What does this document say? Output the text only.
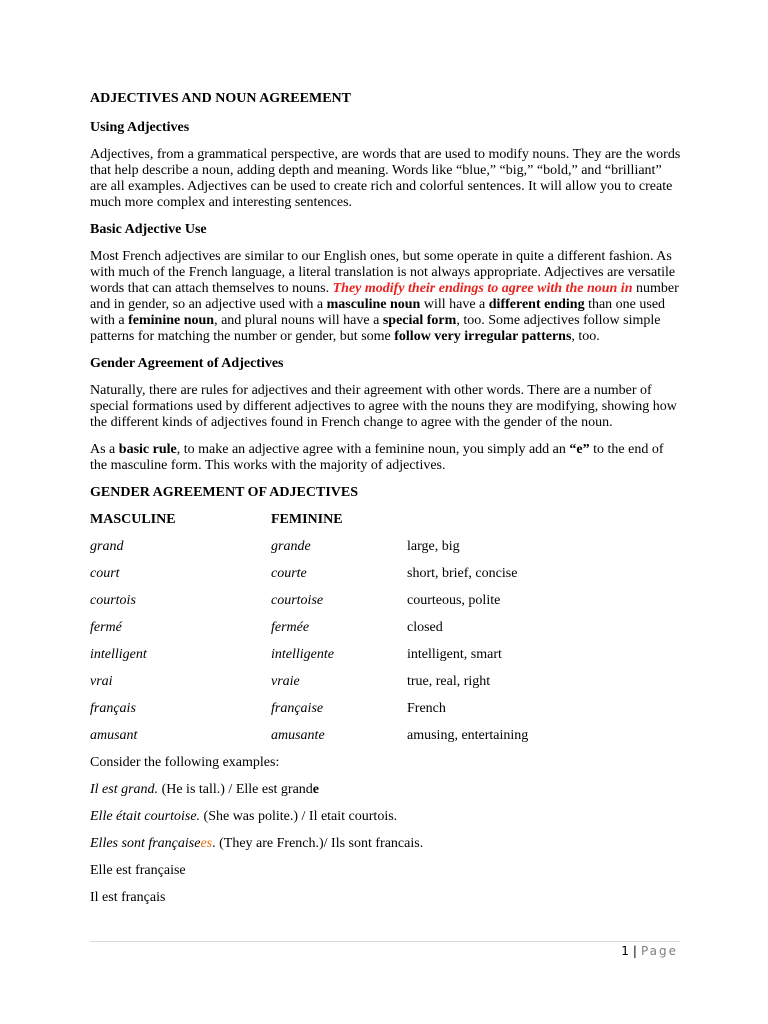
ADJECTIVES AND NOUN AGREEMENT

Using Adjectives

Adjectives, from a grammatical perspective, are words that are used to modify nouns. They are the words that help describe a noun, adding depth and meaning. Words like “blue,” “big,” “bold,” and “brilliant” are all examples. Adjectives can be used to create rich and colorful sentences. It will allow you to create much more complex and interesting sentences.

Basic Adjective Use

Most French adjectives are similar to our English ones, but some operate in quite a different fashion. As with much of the French language, a literal translation is not always appropriate. Adjectives are versatile words that can attach themselves to nouns. They modify their endings to agree with the noun in number and in gender, so an adjective used with a masculine noun will have a different ending than one used with a feminine noun, and plural nouns will have a special form, too. Some adjectives follow simple patterns for matching the number or gender, but some follow very irregular patterns, too.

Gender Agreement of Adjectives

Naturally, there are rules for adjectives and their agreement with other words. There are a number of special formations used by different adjectives to agree with the nouns they are modifying, showing how the different kinds of adjectives found in French change to agree with the gender of the noun.

As a basic rule, to make an adjective agree with a feminine noun, you simply add an “e” to the end of the masculine form. This works with the majority of adjectives.

GENDER AGREEMENT OF ADJECTIVES

MASCULINE	FEMININE	
grand	grande	large, big
court	courte	short, brief, concise
courtois	courtoise	courteous, polite
fermé	fermée	closed
intelligent	intelligente	intelligent, smart
vrai	vraie	true, real, right
français	française	French
amusant	amusante	amusing, entertaining

Consider the following examples:

Il est grand. (He is tall.) / Elle est grande

Elle était courtoise. (She was polite.) / Il etait courtois.

Elles sont françaisees. (They are French.)/ Ils sont francais.

Elle est française

Il est français

1 | Page
